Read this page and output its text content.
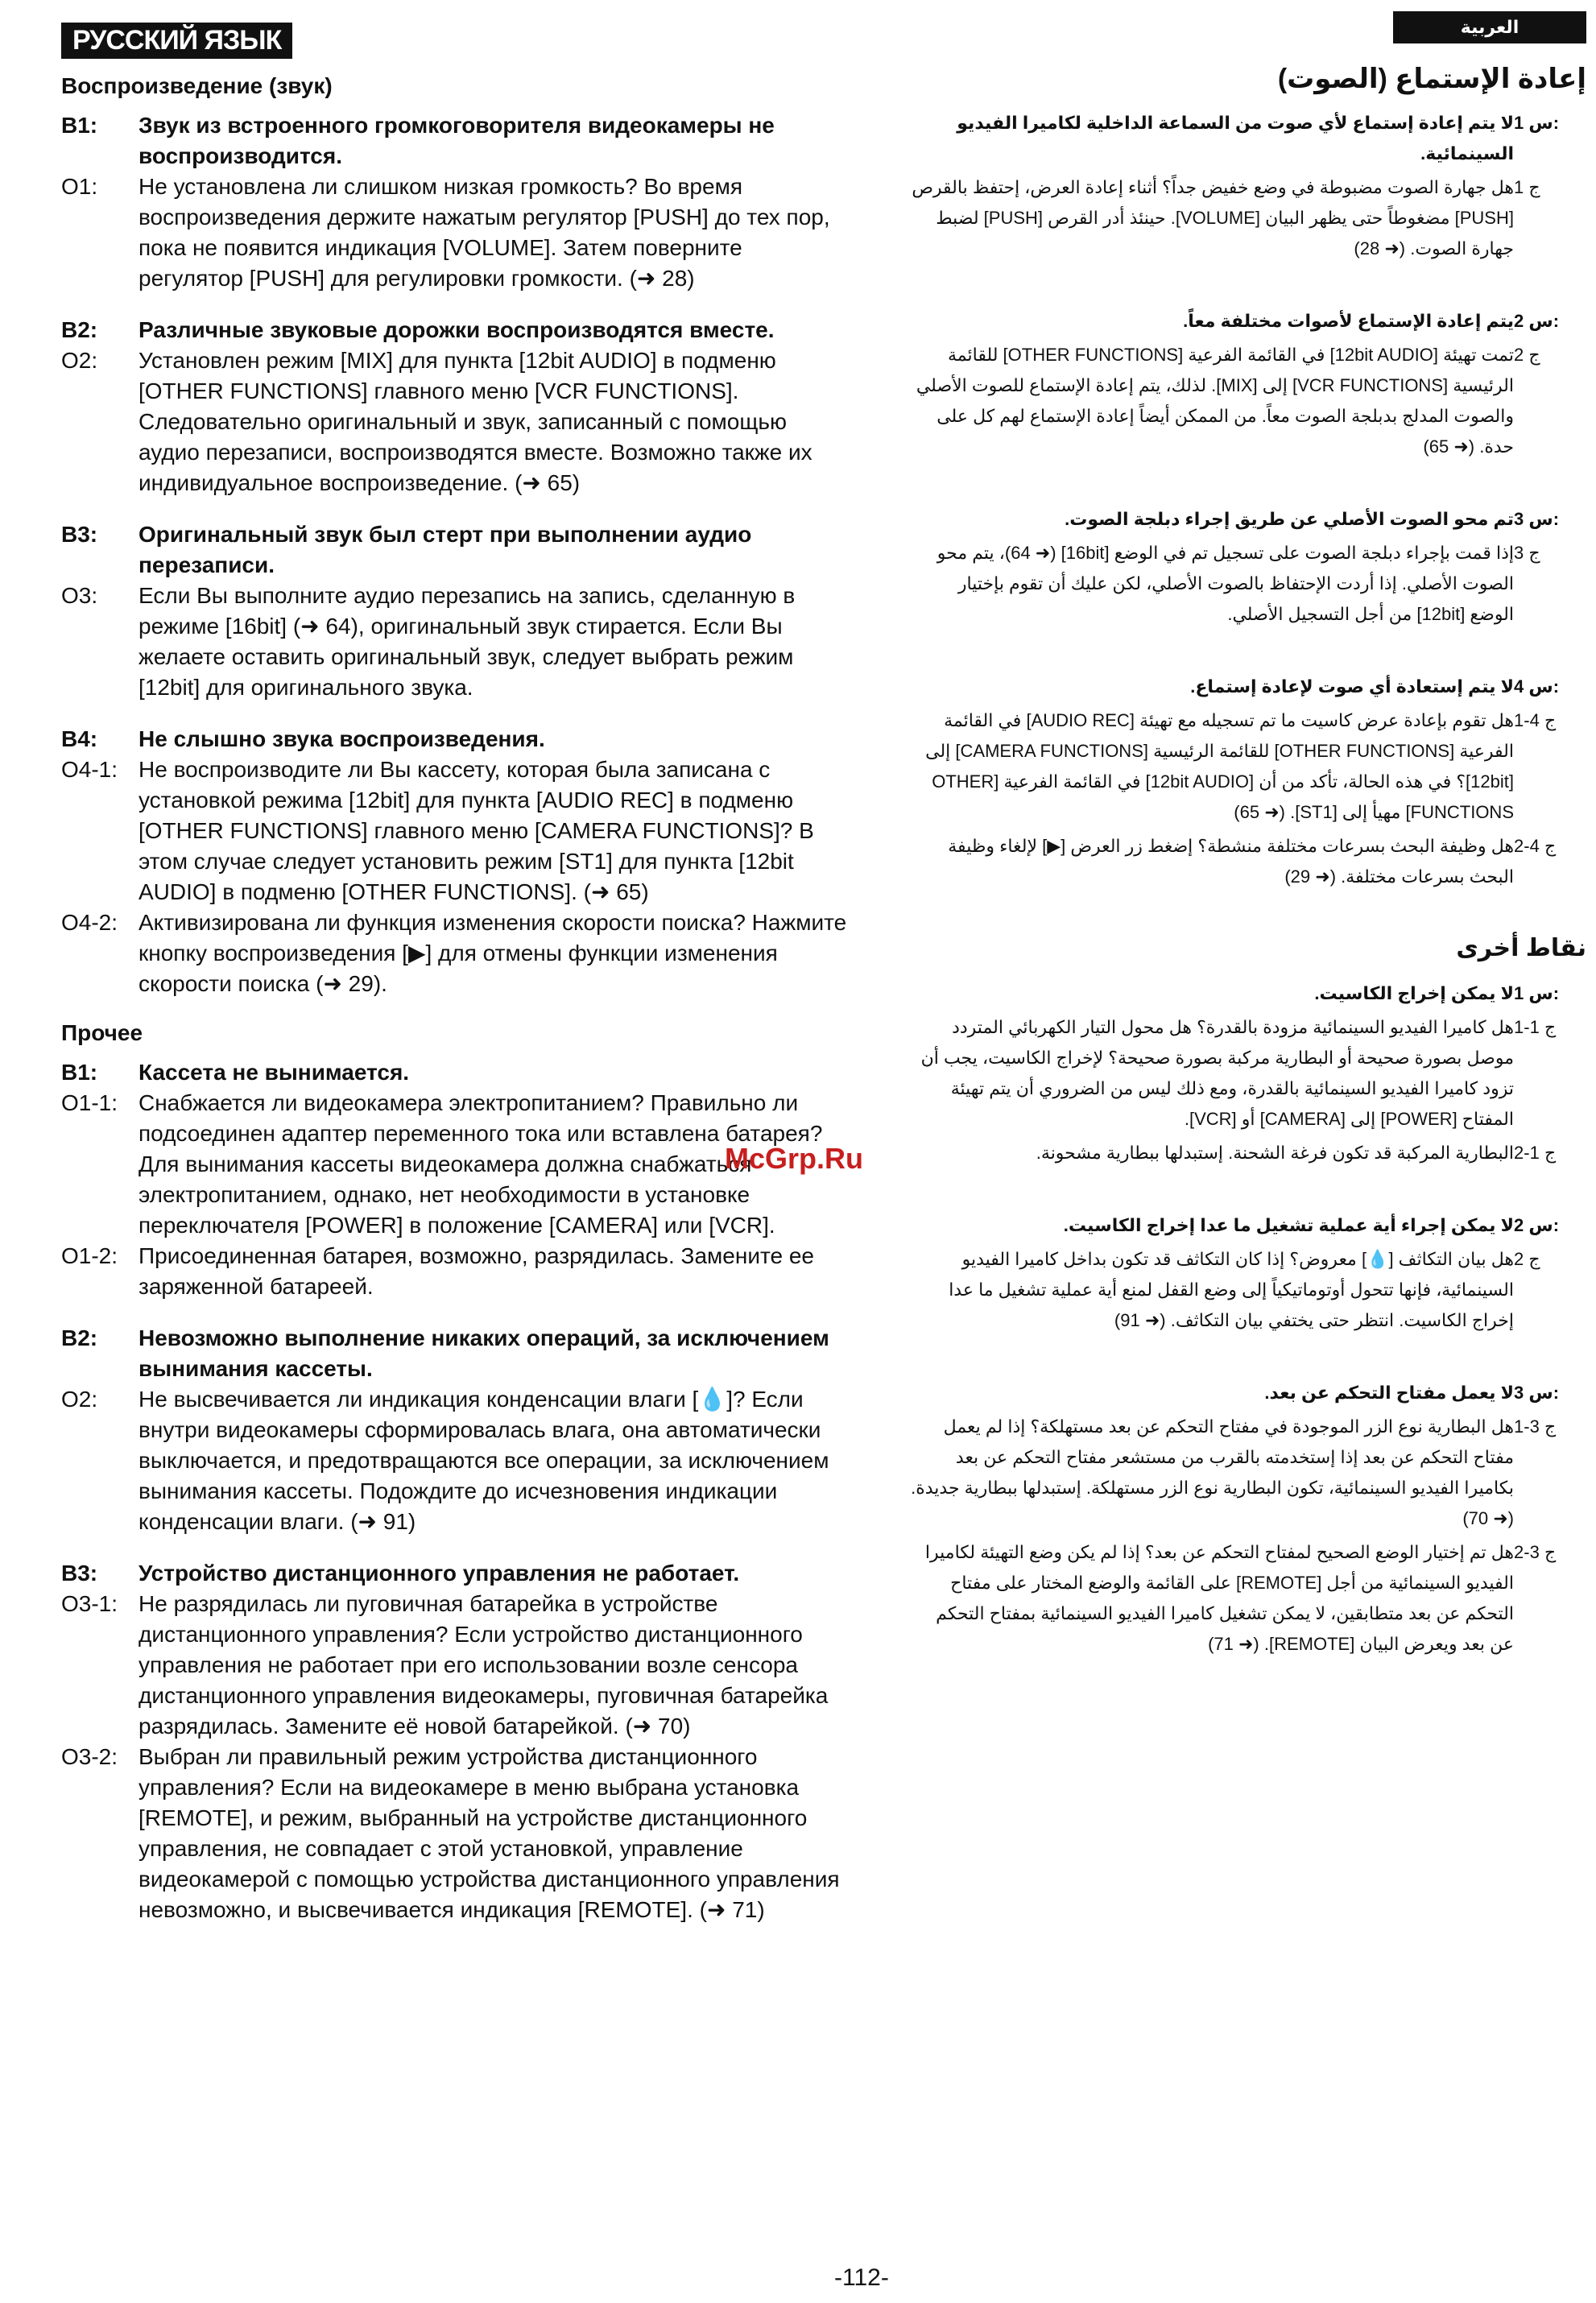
РУССКИЙ ЯЗЫК
Воспроизведение (звук)
В1:	Звук из встроенного громкоговорителя видеокамеры не воспроизводится.
О1:	Не установлена ли слишком низкая громкость? Во время воспроизведения держите нажатым регулятор [PUSH] до тех пор, пока не появится индикация [VOLUME]. Затем поверните регулятор [PUSH] для регулировки громкости. (➜ 28)
В2:	Различные звуковые дорожки воспроизводятся вместе.
О2:	Установлен режим [MIX] для пункта [12bit AUDIO] в подменю [OTHER FUNCTIONS] главного меню [VCR FUNCTIONS]. Следовательно оригинальный и звук, записанный с помощью аудио перезаписи, воспроизводятся вместе. Возможно также их индивидуальное воспроизведение. (➜ 65)
В3:	Оригинальный звук был стерт при выполнении аудио перезаписи.
О3:	Если Вы выполните аудио перезапись на запись, сделанную в режиме [16bit] (➜ 64), оригинальный звук стирается. Если Вы желаете оставить оригинальный звук, следует выбрать режим [12bit] для оригинального звука.
В4:	Не слышно звука воспроизведения.
О4-1: Не воспроизводите ли Вы кассету, которая была записана с установкой режима [12bit] для пункта [AUDIO REC] в подменю [OTHER FUNCTIONS] главного меню [CAMERA FUNCTIONS]? В этом случае следует установить режим [ST1] для пункта [12bit AUDIO] в подменю [OTHER FUNCTIONS]. (➜ 65)
О4-2: Активизирована ли функция изменения скорости поиска? Нажмите кнопку воспроизведения [▶] для отмены функции изменения скорости поиска (➜ 29).
Прочее
В1:	Кассета не вынимается.
О1-1: Снабжается ли видеокамера электропитанием? Правильно ли подсоединен адаптер переменного тока или вставлена батарея? Для вынимания кассеты видеокамера должна снабжаться электропитанием, однако, нет необходимости в установке переключателя [POWER] в положение [CAMERA] или [VCR].
О1-2: Присоединенная батарея, возможно, разрядилась. Замените ее заряженной батареей.
В2:	Невозможно выполнение никаких операций, за исключением вынимания кассеты.
О2:	Не высвечивается ли индикация конденсации влаги [💧]? Если внутри видеокамеры сформировалась влага, она автоматически выключается, и предотвращаются все операции, за исключением вынимания кассеты. Подождите до исчезновения индикации конденсации влаги. (➜ 91)
В3:	Устройство дистанционного управления не работает.
О3-1: Не разрядилась ли пуговичная батарейка в устройстве дистанционного управления? Если устройство дистанционного управления не работает при его использовании возле сенсора дистанционного управления видеокамеры, пуговичная батарейка разрядилась. Замените её новой батарейкой. (➜ 70)
О3-2: Выбран ли правильный режим устройства дистанционного управления? Если на видеокамере в меню выбрана установка [REMOTE], и режим, выбранный на устройстве дистанционного управления, не совпадает с этой установкой, управление видеокамерой с помощью устройства дистанционного управления невозможно, и высвечивается индикация [REMOTE]. (➜ 71)
العربية
إعادة الإستماع (الصوت)
س 1:
لا يتم إعادة إستماع لأي صوت من السماعة الداخلية لكاميرا الفيديو السينمائية.
ج 1
هل جهارة الصوت مضبوطة في وضع خفيض جداً؟ أثناء إعادة العرض، إحتفظ بالقرص [PUSH] مضغوطاً حتى يظهر البيان [VOLUME]. حينئذ أدر القرص [PUSH] لضبط جهارة الصوت. (➜ 28)
س 2:
يتم إعادة الإستماع لأصوات مختلفة معاً.
ج 2
تمت تهيئة [12bit AUDIO] في القائمة الفرعية [OTHER FUNCTIONS] للقائمة الرئيسية [VCR FUNCTIONS] إلى [MIX]. لذلك، يتم إعادة الإستماع للصوت الأصلي والصوت المدلج بدبلجة الصوت معاً. من الممكن أيضاً إعادة الإستماع لهم كل على حدة. (➜ 65)
س 3:
تم محو الصوت الأصلي عن طريق إجراء دبلجة الصوت.
ج 3
إذا قمت بإجراء دبلجة الصوت على تسجيل تم في الوضع [16bit] (➜ 64)، يتم محو الصوت الأصلي. إذا أردت الإحتفاظ بالصوت الأصلي، لكن عليك أن تقوم بإختيار الوضع [12bit] من أجل التسجيل الأصلي.
س 4:
لا يتم إستعادة أي صوت لإعادة إستماع.
ج 4-1
هل تقوم بإعادة عرض كاسيت ما تم تسجيله مع تهيئة [AUDIO REC] في القائمة الفرعية [OTHER FUNCTIONS] للقائمة الرئيسية [CAMERA FUNCTIONS] إلى [12bit]؟ في هذه الحالة، تأكد من أن [12bit AUDIO] في القائمة الفرعية [OTHER FUNCTIONS] مهيأ إلى [ST1]. (➜ 65)
ج 4-2
هل وظيفة البحث بسرعات مختلفة منشطة؟ إضغط زر العرض [▶] لإلغاء وظيفة البحث بسرعات مختلفة. (➜ 29)
نقاط أخرى
س 1:
لا يمكن إخراج الكاسيت.
ج 1-1
هل كاميرا الفيديو السينمائية مزودة بالقدرة؟ هل محول التيار الكهربائي المتردد موصل بصورة صحيحة أو البطارية مركبة بصورة صحيحة؟ لإخراج الكاسيت، يجب أن تزود كاميرا الفيديو السينمائية بالقدرة، ومع ذلك ليس من الضروري أن يتم تهيئة المفتاح [POWER] إلى [CAMERA] أو [VCR].
ج 1-2
البطارية المركبة قد تكون فرغة الشحنة. إستبدلها ببطارية مشحونة.
س 2:
لا يمكن إجراء أية عملية تشغيل ما عدا إخراج الكاسيت.
ج 2
هل بيان التكاثف [💧] معروض؟ إذا كان التكاثف قد تكون بداخل كاميرا الفيديو السينمائية، فإنها تتحول أوتوماتيكياً إلى وضع القفل لمنع أية عملية تشغيل ما عدا إخراج الكاسيت. انتظر حتى يختفي بيان التكاثف. (➜ 91)
س 3:
لا يعمل مفتاح التحكم عن بعد.
ج 3-1
هل البطارية نوع الزر الموجودة في مفتاح التحكم عن بعد مستهلكة؟ إذا لم يعمل مفتاح التحكم عن بعد إذا إستخدمته بالقرب من مستشعر مفتاح التحكم عن بعد بكاميرا الفيديو السينمائية، تكون البطارية نوع الزر مستهلكة. إستبدلها ببطارية جديدة. (➜ 70)
ج 3-2
هل تم إختيار الوضع الصحيح لمفتاح التحكم عن بعد؟ إذا لم يكن وضع التهيئة لكاميرا الفيديو السينمائية من أجل [REMOTE] على القائمة والوضع المختار على مفتاح التحكم عن بعد متطابقين، لا يمكن تشغيل كاميرا الفيديو السينمائية بمفتاح التحكم عن بعد ويعرض البيان [REMOTE]. (➜ 71)
McGrp.Ru
-112-
